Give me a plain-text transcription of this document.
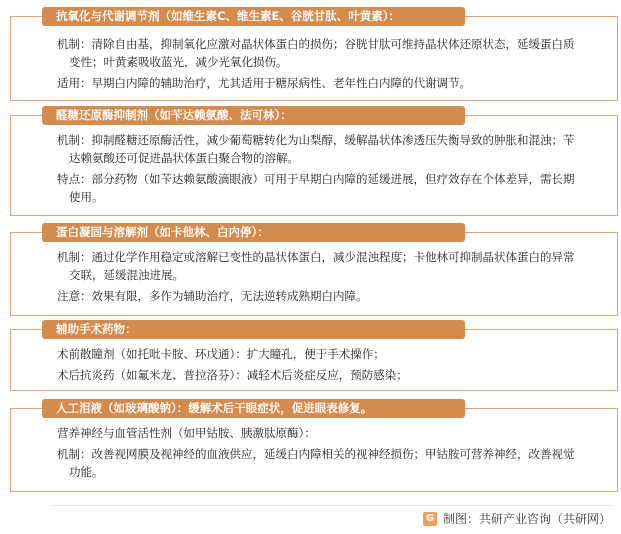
抗氧化与代谢调节剂（如维生素C、维生素E、谷胱甘肽、叶黄素）：

机制：清除自由基，抑制氧化应激对晶状体蛋白的损伤；谷胱甘肽可维持晶状体还原状态，延缓蛋白质变性；叶黄素吸收蓝光，减少光氧化损伤。

适用：早期白内障的辅助治疗，尤其适用于糖尿病性、老年性白内障的代谢调节。

醛糖还原酶抑制剂（如苄达赖氨酸、法可林）：

机制：抑制醛糖还原酶活性，减少葡萄糖转化为山梨醇，缓解晶状体渗透压失衡导致的肿胀和混浊；苄达赖氨酸还可促进晶状体蛋白聚合物的溶解。

特点：部分药物（如苄达赖氨酸滴眼液）可用于早期白内障的延缓进展，但疗效存在个体差异，需长期使用。

蛋白凝固与溶解剂（如卡他林、白内停）：

机制：通过化学作用稳定或溶解已变性的晶状体蛋白，减少混浊程度；卡他林可抑制晶状体蛋白的异常交联，延缓混浊进展。

注意：效果有限，多作为辅助治疗，无法逆转成熟期白内障。

辅助手术药物：

术前散瞳剂（如托吡卡胺、环戊通）：扩大瞳孔，便于手术操作；

术后抗炎药（如氟米龙、普拉洛芬）：减轻术后炎症反应，预防感染；

人工泪液（如玻璃酸钠）：缓解术后干眼症状，促进眼表修复。

营养神经与血管活性剂（如甲钴胺、胰激肽原酶）：

机制：改善视网膜及视神经的血液供应，延缓白内障相关的视神经损伤；甲钴胺可营养神经，改善视觉功能。

G 制图：共研产业咨询（共研网）
